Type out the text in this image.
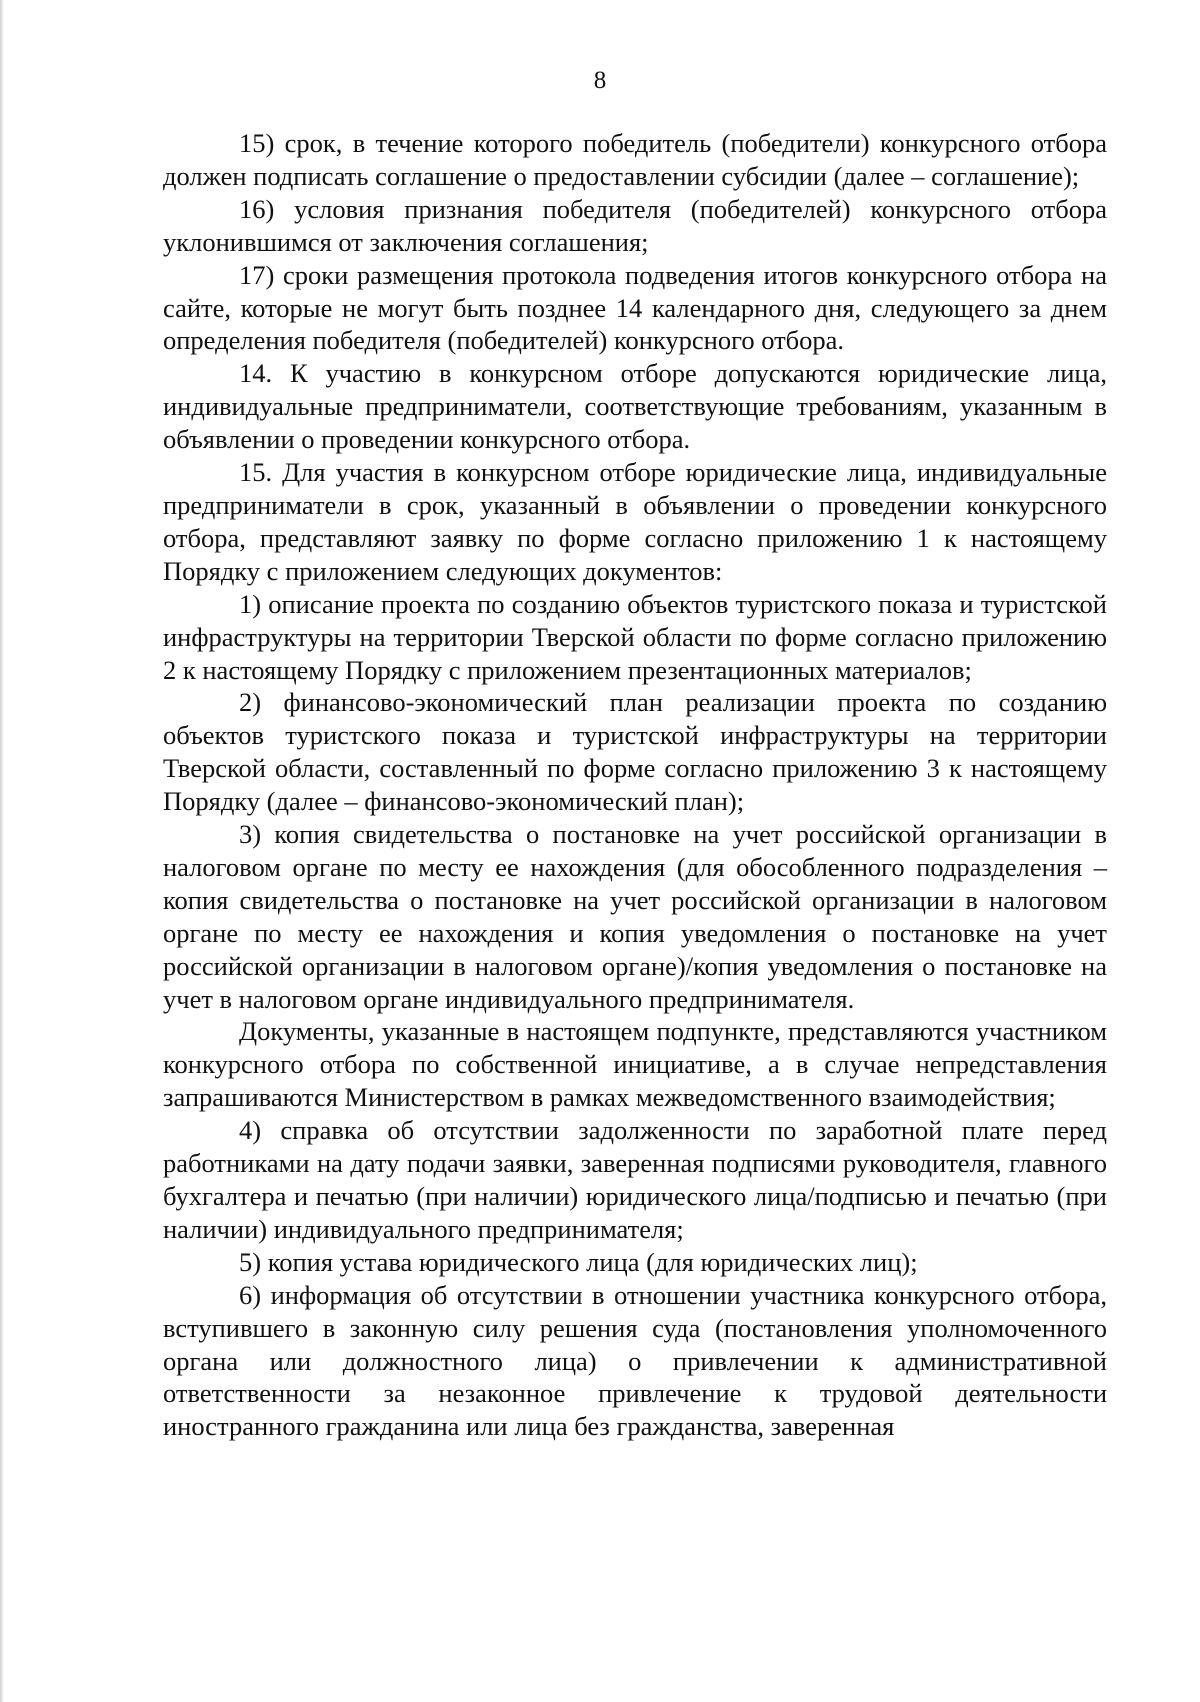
8

15) срок, в течение которого победитель (победители) конкурсного отбора должен подписать соглашение о предоставлении субсидии (далее – соглашение);

16) условия признания победителя (победителей) конкурсного отбора уклонившимся от заключения соглашения;

17) сроки размещения протокола подведения итогов конкурсного отбора на сайте, которые не могут быть позднее 14 календарного дня, следующего за днем определения победителя (победителей) конкурсного отбора.

14. К участию в конкурсном отборе допускаются юридические лица, индивидуальные предприниматели, соответствующие требованиям, указанным в объявлении о проведении конкурсного отбора.

15. Для участия в конкурсном отборе юридические лица, индивидуальные предприниматели в срок, указанный в объявлении о проведении конкурсного отбора, представляют заявку по форме согласно приложению 1 к настоящему Порядку с приложением следующих документов:

1) описание проекта по созданию объектов туристского показа и туристской инфраструктуры на территории Тверской области по форме согласно приложению 2 к настоящему Порядку с приложением презентационных материалов;

2) финансово-экономический план реализации проекта по созданию объектов туристского показа и туристской инфраструктуры на территории Тверской области, составленный по форме согласно приложению 3 к настоящему Порядку (далее – финансово-экономический план);

3) копия свидетельства о постановке на учет российской организации в налоговом органе по месту ее нахождения (для обособленного подразделения – копия свидетельства о постановке на учет российской организации в налоговом органе по месту ее нахождения и копия уведомления о постановке на учет российской организации в налоговом органе)/копия уведомления о постановке на учет в налоговом органе индивидуального предпринимателя.

Документы, указанные в настоящем подпункте, представляются участником конкурсного отбора по собственной инициативе, а в случае непредставления запрашиваются Министерством в рамках межведомственного взаимодействия;

4) справка об отсутствии задолженности по заработной плате перед работниками на дату подачи заявки, заверенная подписями руководителя, главного бухгалтера и печатью (при наличии) юридического лица/подписью и печатью (при наличии) индивидуального предпринимателя;

5) копия устава юридического лица (для юридических лиц);

6) информация об отсутствии в отношении участника конкурсного отбора, вступившего в законную силу решения суда (постановления уполномоченного органа или должностного лица) о привлечении к административной ответственности за незаконное привлечение к трудовой деятельности иностранного гражданина или лица без гражданства, заверенная
